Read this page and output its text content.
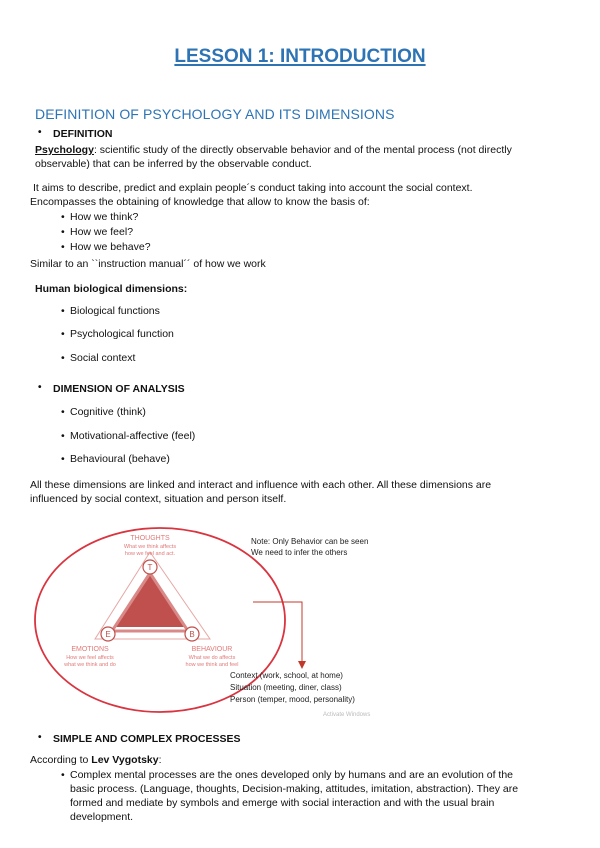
LESSON 1: INTRODUCTION
DEFINITION OF PSYCHOLOGY AND ITS DIMENSIONS
• DEFINITION
Psychology: scientific study of the directly observable behavior and of the mental process (not directly
observable) that can be inferred by the observable conduct.
It aims to describe, predict and explain people´s conduct taking into account the social context.
Encompasses the obtaining of knowledge that allow to know the basis of:
• How we think?
• How we feel?
• How we behave?
Similar to an ``instruction manual´´ of how we work
Human biological dimensions:
• Biological functions
• Psychological function
• Social context
• DIMENSION OF ANALYSIS
• Cognitive (think)
• Motivational-affective (feel)
• Behavioural (behave)
All these dimensions are linked and interact and influence with each other. All these dimensions are
influenced by social context, situation and person itself.
T
E	B
THOUGHTS
What we think affects
how we feel and act.
EMOTIONS
How we feel affects
what we think and do
BEHAVIOUR
What we do affects
how we think and feel
Note: Only Behavior can be seen
We need to infer the others
Context (work, school, at home)
Situation (meeting, diner, class)
Person (temper, mood, personality)
Activate Windows
• SIMPLE AND COMPLEX PROCESSES
According to Lev Vygotsky:
• Complex mental processes are the ones developed only by humans and are an evolution of the
basic process. (Language, thoughts, Decision-making, attitudes, imitation, abstraction). They are
formed and mediate by symbols and emerge with social interaction and with the usual brain
development.
